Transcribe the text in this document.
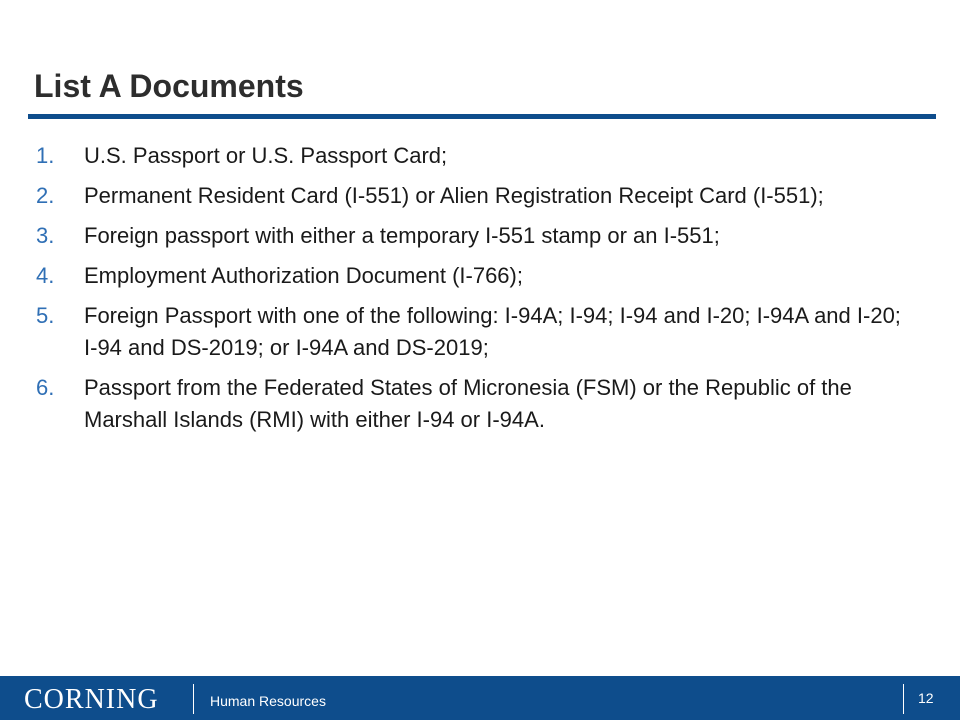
List A Documents
1.	U.S. Passport or U.S. Passport Card;
2.	Permanent Resident Card (I-551) or Alien Registration Receipt Card (I-551);
3.	Foreign passport with either a temporary I-551 stamp or an I-551;
4.	Employment Authorization Document (I-766);
5.	Foreign Passport with one of the following: I-94A; I-94; I-94 and I-20; I-94A and I-20; I-94 and DS-2019; or I-94A and DS-2019;
6.	Passport from the Federated States of Micronesia (FSM) or the Republic of the Marshall Islands (RMI) with either I-94 or I-94A.
CORNING	Human Resources	12
